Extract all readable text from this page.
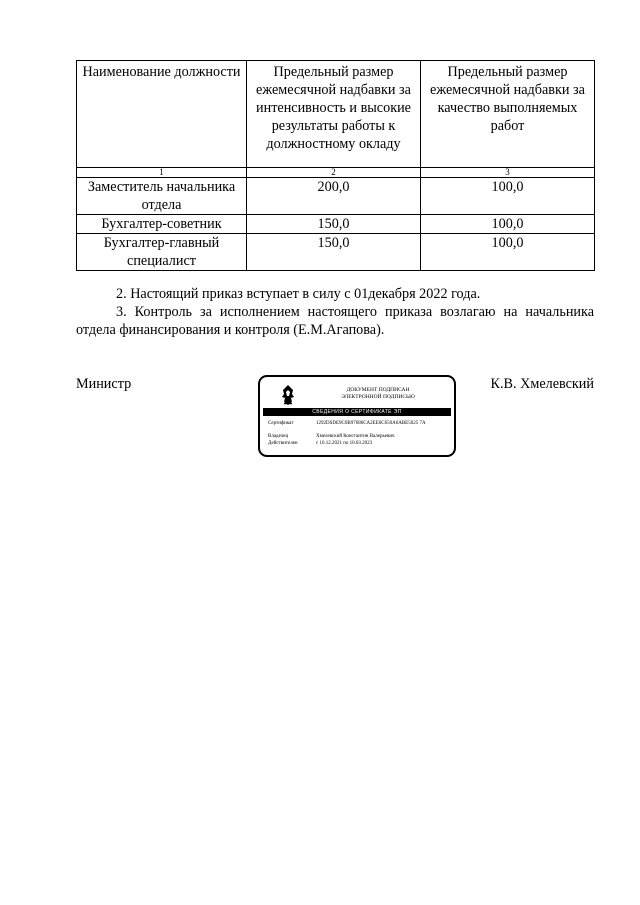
Наименование должности	Предельный размер ежемесячной надбавки за интенсивность и высокие результаты работы к должностному окладу	Предельный размер ежемесячной надбавки за качество выполняемых работ
1	2	3
Заместитель начальника отдела	200,0	100,0
Бухгалтер-советник	150,0	100,0
Бухгалтер-главный специалист	150,0	100,0
2. Настоящий приказ вступает в силу с 01декабря 2022 года.
3. Контроль за исполнением настоящего приказа возлагаю на начальника отдела финансирования и контроля (Е.М.Агапова).
Министр	ДОКУМЕНТ ПОДПИСАН
ЭЛЕКТРОННОЙ ПОДПИСЬЮ
СВЕДЕНИЯ О СЕРТИФИКАТЕ ЭП
Сертификат	1292DSDE9C0B97686CA2EE6C650A6ABE5025 7A
Владелец	Хмелевский Константин Валерьевич
Действителен	с 10.12.2021 по 10.03.2023
К.В. Хмелевский
